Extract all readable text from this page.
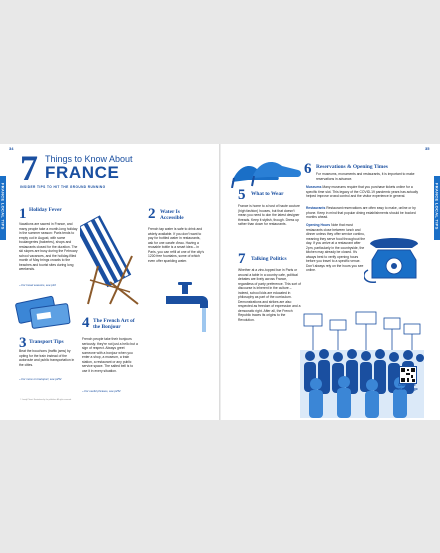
34	35
FRANCE LOCAL TIPS	FRANCE LOCAL TIPS
7 Things to Know About
FRANCE
INSIDER TIPS TO HIT THE GROUND RUNNING
1 Holiday Fever
Vacations are sacred in France, and many people take a month-long holiday in the summer season: Paris tends to empty out in August, with some boulangeries (bakeries), shops and restaurants closed for the duration. The ski slopes are busy during the February school vacances, and the holiday-filled month of May brings crowds to the beaches and tourist sites during long weekends.
» For travel seasons, see p10
3 Transport Tips
Beat the bouchons (traffic jams) by opting for the train instead of the autoroute and public transportation in the cities.
» For more on transport, see p252
© Lonely Planet. Illustrations by the publisher. All rights reserved.
2 Water Is Accessible
French tap water is safe to drink and widely available. If you don't want to pay for bottled water in restaurants, ask for une carafe d'eau. Having a reusable bottle is a smart idea – in Paris, you can refill at one of the city's 1200 free fountains, some of which even offer sparkling water.
4 The French Art of the Bonjour
French people take their bonjours seriously: they're not just a hello but a sign of respect. Always greet someone with a bonjour when you enter a shop, a museum, a train station, a restaurant or any public service space. The salted bell is to use it in every situation.
» For useful phrases, see p252
5 What to Wear
France is home to a host of haute couture (high fashion) houses, but that doesn't mean you need to don the latest designer threads. Keep it stylish, though. Dress up rather than down for restaurants.
7 Talking Politics
Whether at a zinc-topped bar in Paris or around a table in a country cafe, political debates are lively across France, regardless of party preference. This sort of discourse is inherent in the culture – indeed, school kids are educated in philosophy as part of the curriculum. Demonstrations and strikes are also respected as freedom of expression and a democratic right. After all, the French Republic traces its origins to the Revolution.
6 Reservations & Opening Times
For museums, monuments and restaurants, it is important to make reservations in advance.
Museums Many museums require that you purchase tickets online for a specific time slot. This legacy of the COVID-19 pandemic years has actually helped improve crowd control and the visitor experience in general.
Restaurants Restaurant reservations are often easy to make, online or by phone. Keep in mind that popular dining establishments should be booked months ahead.
Opening Hours Note that most restaurants close between lunch and dinner unless they offer service continu, meaning they serve food throughout the day. If you arrive at a restaurant after 2pm, particularly in the countryside, the kitchen may already be closed. It's always best to verify opening hours before you travel to a specific venue. Don't always rely on the hours you see online.
Learn more before you go
